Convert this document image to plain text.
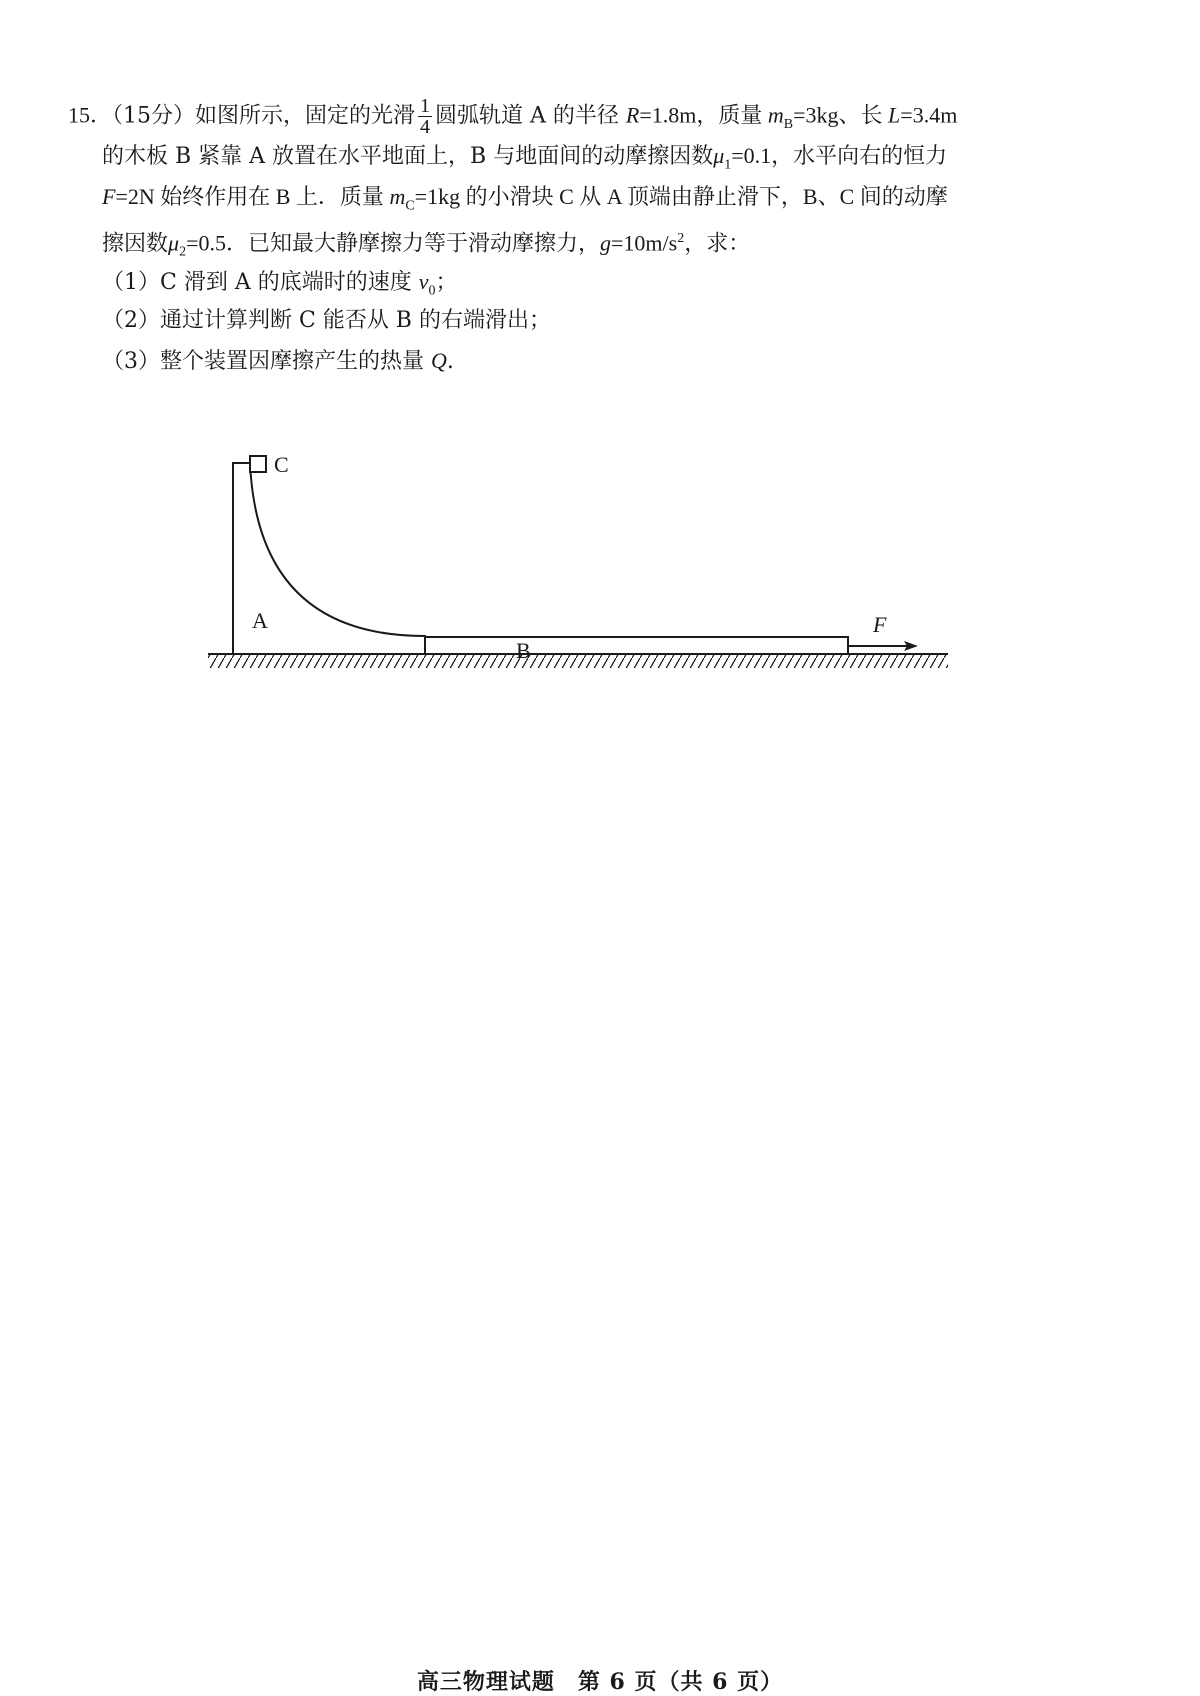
15．（15分）如图所示，固定的光滑 $\frac{1}{4}$ 圆弧轨道 A 的半径 R=1.8m，质量 $m_B=3kg$、长 L=3.4m
的木板 B 紧靠 A 放置在水平地面上，B 与地面间的动摩擦因数$\mu_1=0.1$，水平向右的恒力
F=2N 始终作用在 B 上．质量 $m_C=1kg$ 的小滑块 C 从 A 顶端由静止滑下，B、C 间的动摩
擦因数$\mu_2=0.5$．已知最大静摩擦力等于滑动摩擦力，$g=10m/s^2$，求：
（1）C 滑到 A 的底端时的速度 $v_0$；
（2）通过计算判断 C 能否从 B 的右端滑出；
（3）整个装置因摩擦产生的热量 Q.
C
A
B
F
高三物理试题　第 6 页（共 6 页）
